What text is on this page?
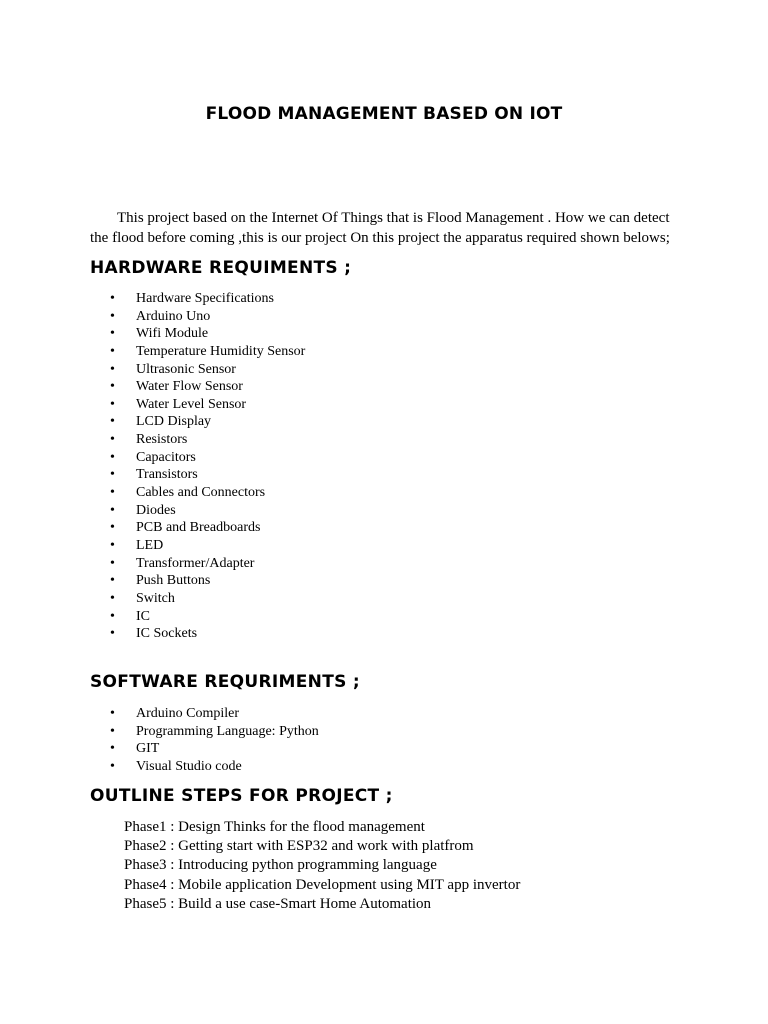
FLOOD MANAGEMENT BASED ON IOT

This project based on the Internet Of Things that is Flood Management . How we can detect the flood before coming ,this is our project On this project the apparatus required shown belows;

HARDWARE REQUIMENTS ;
• Hardware Specifications
• Arduino Uno
• Wifi Module
• Temperature Humidity Sensor
• Ultrasonic Sensor
• Water Flow Sensor
• Water Level Sensor
• LCD Display
• Resistors
• Capacitors
• Transistors
• Cables and Connectors
• Diodes
• PCB and Breadboards
• LED
• Transformer/Adapter
• Push Buttons
• Switch
• IC
• IC Sockets
SOFTWARE REQURIMENTS ;
• Arduino Compiler
• Programming Language: Python
• GIT
• Visual Studio code
OUTLINE STEPS FOR PROJECT ;
Phase1 : Design Thinks for the flood management
Phase2 : Getting start with ESP32 and work with platfrom
Phase3 : Introducing python programming language
Phase4 : Mobile application Development using MIT app invertor
Phase5 : Build a use case-Smart Home Automation
